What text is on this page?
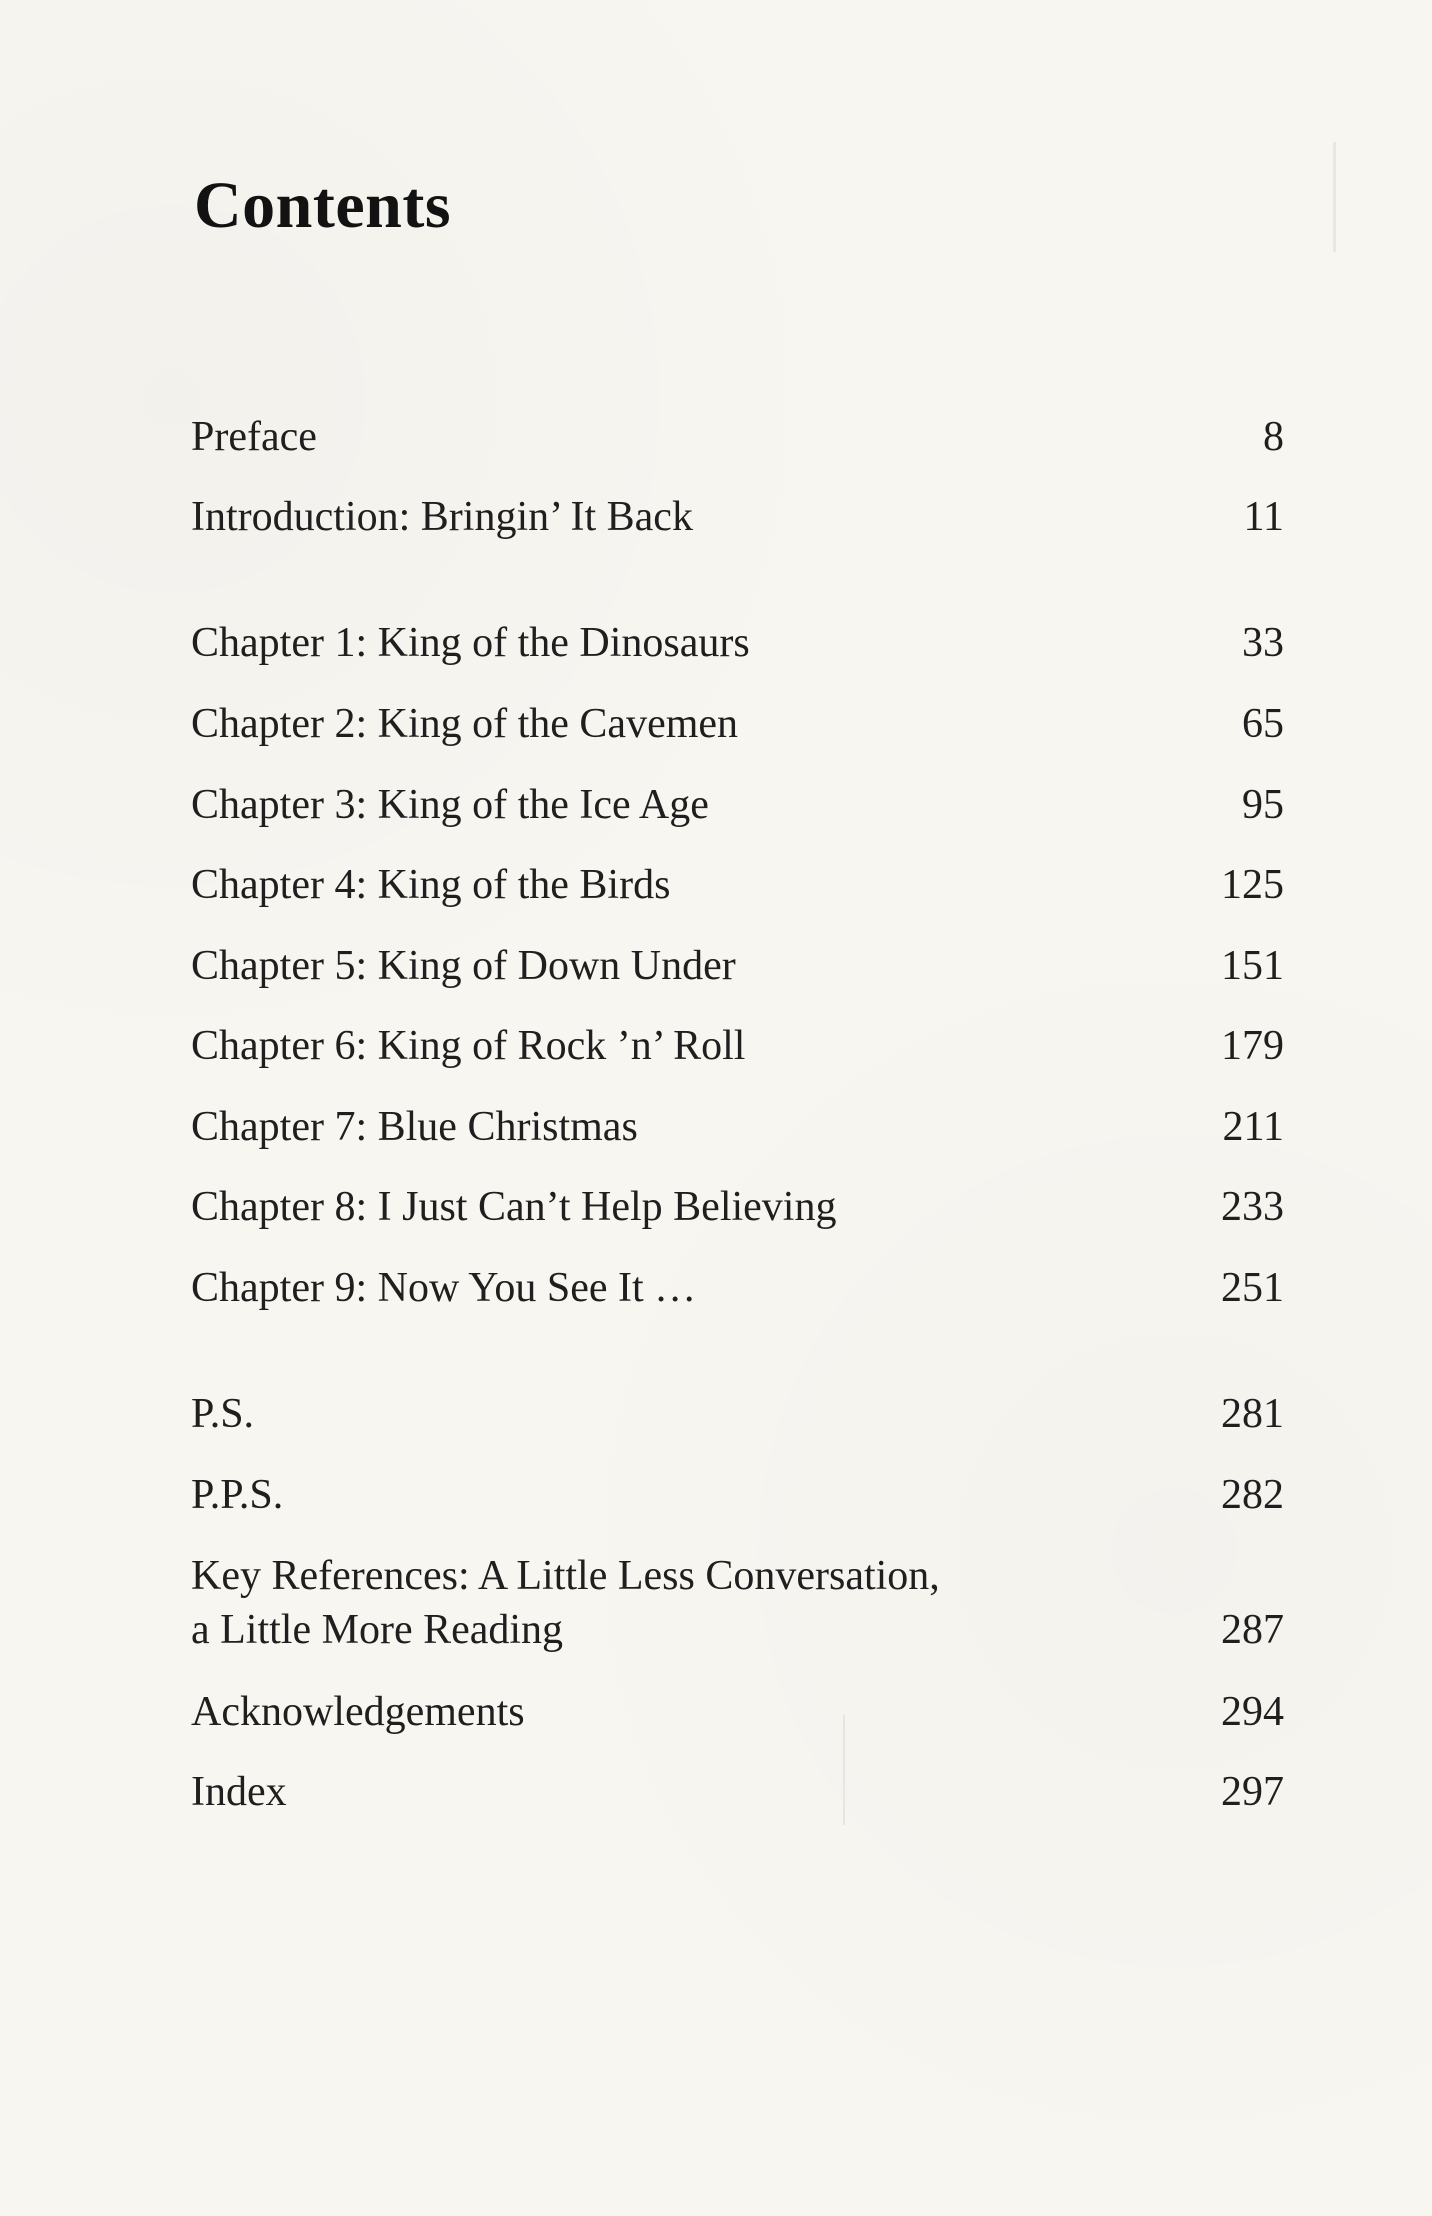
Contents
Preface	8
Introduction: Bringin’ It Back	11
Chapter 1: King of the Dinosaurs	33
Chapter 2: King of the Cavemen	65
Chapter 3: King of the Ice Age	95
Chapter 4: King of the Birds	125
Chapter 5: King of Down Under	151
Chapter 6: King of Rock ’n’ Roll	179
Chapter 7: Blue Christmas	211
Chapter 8: I Just Can’t Help Believing	233
Chapter 9: Now You See It …	251
P.S.	281
P.P.S.	282
Key References: A Little Less Conversation,
a Little More Reading	287
Acknowledgements	294
Index	297
